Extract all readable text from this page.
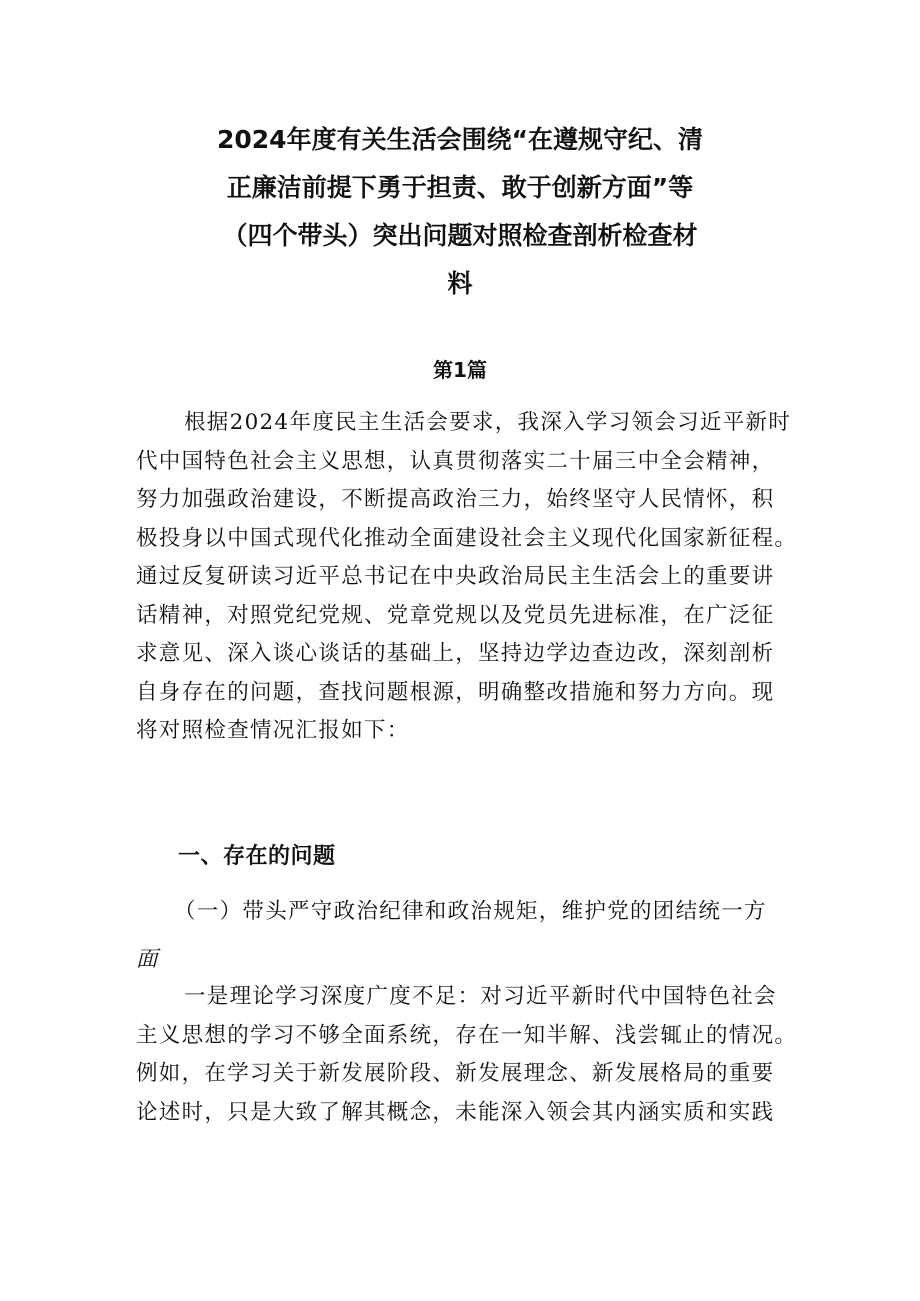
2024年度有关生活会围绕“在遵规守纪、清
正廉洁前提下勇于担责、敢于创新方面”等
（四个带头）突出问题对照检查剖析检查材
料
第1篇
根据2024年度民主生活会要求，我深入学习领会习近平新时
代中国特色社会主义思想，认真贯彻落实二十届三中全会精神，
努力加强政治建设，不断提高政治三力，始终坚守人民情怀，积
极投身以中国式现代化推动全面建设社会主义现代化国家新征程。
通过反复研读习近平总书记在中央政治局民主生活会上的重要讲
话精神，对照党纪党规、党章党规以及党员先进标准，在广泛征
求意见、深入谈心谈话的基础上，坚持边学边查边改，深刻剖析
自身存在的问题，查找问题根源，明确整改措施和努力方向。现
将对照检查情况汇报如下：
一、存在的问题
（一）带头严守政治纪律和政治规矩，维护党的团结统一方
面
一是理论学习深度广度不足：对习近平新时代中国特色社会
主义思想的学习不够全面系统，存在一知半解、浅尝辄止的情况。
例如，在学习关于新发展阶段、新发展理念、新发展格局的重要
论述时，只是大致了解其概念，未能深入领会其内涵实质和实践
